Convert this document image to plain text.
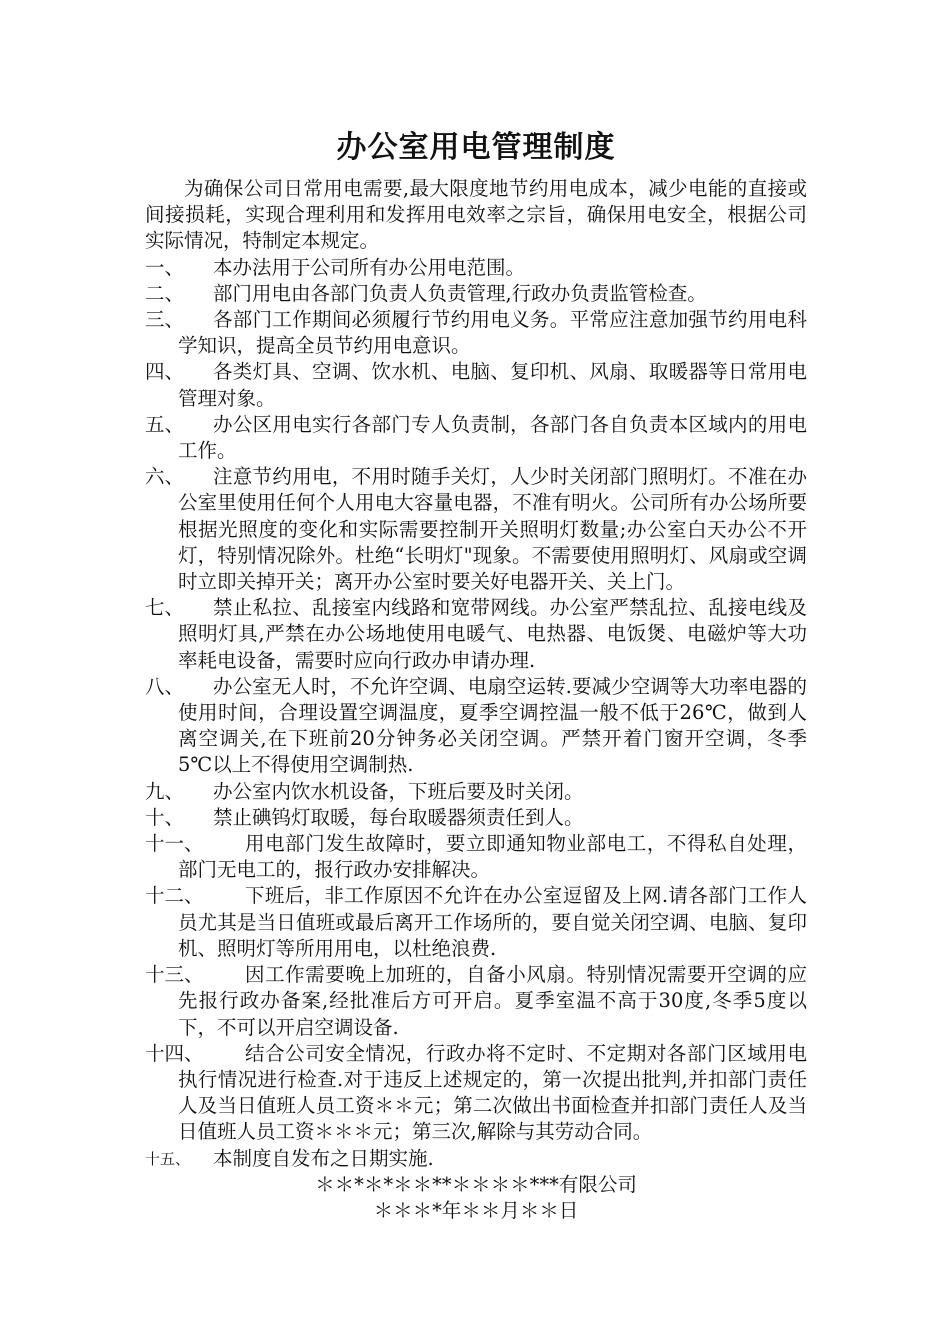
办公室用电管理制度
为确保公司日常用电需要,最大限度地节约用电成本，减少电能的直接或间接损耗，实现合理利用和发挥用电效率之宗旨，确保用电安全，根据公司实际情况，特制定本规定。
一、	本办法用于公司所有办公用电范围。
二、	部门用电由各部门负责人负责管理,行政办负责监管检查。
三、	各部门工作期间必须履行节约用电义务。平常应注意加强节约用电科学知识，提高全员节约用电意识。
四、	各类灯具、空调、饮水机、电脑、复印机、风扇、取暖器等日常用电管理对象。
五、	办公区用电实行各部门专人负责制，各部门各自负责本区域内的用电工作。
六、	注意节约用电，不用时随手关灯，人少时关闭部门照明灯。不准在办公室里使用任何个人用电大容量电器，不准有明火。公司所有办公场所要根据光照度的变化和实际需要控制开关照明灯数量;办公室白天办公不开灯，特别情况除外。杜绝“长明灯"现象。不需要使用照明灯、风扇或空调时立即关掉开关；离开办公室时要关好电器开关、关上门。
七、	禁止私拉、乱接室内线路和宽带网线。办公室严禁乱拉、乱接电线及照明灯具,严禁在办公场地使用电暖气、电热器、电饭煲、电磁炉等大功率耗电设备，需要时应向行政办申请办理.
八、	办公室无人时，不允许空调、电扇空运转.要减少空调等大功率电器的使用时间，合理设置空调温度，夏季空调控温一般不低于26℃，做到人离空调关,在下班前20分钟务必关闭空调。严禁开着门窗开空调，冬季5℃以上不得使用空调制热.
九、	办公室内饮水机设备，下班后要及时关闭。
十、	禁止碘钨灯取暖，每台取暖器须责任到人。
十一、	用电部门发生故障时，要立即通知物业部电工，不得私自处理，部门无电工的，报行政办安排解决。
十二、	下班后，非工作原因不允许在办公室逗留及上网.请各部门工作人员尤其是当日值班或最后离开工作场所的，要自觉关闭空调、电脑、复印机、照明灯等所用用电，以杜绝浪费.
十三、	因工作需要晚上加班的，自备小风扇。特别情况需要开空调的应先报行政办备案,经批准后方可开启。夏季室温不高于30度,冬季5度以下，不可以开启空调设备.
十四、	结合公司安全情况，行政办将不定时、不定期对各部门区域用电执行情况进行检查.对于违反上述规定的，第一次提出批判,并扣部门责任人及当日值班人员工资＊＊元；第二次做出书面检查并扣部门责任人及当日值班人员工资＊＊＊元；第三次,解除与其劳动合同。
十五、	本制度自发布之日期实施.
＊＊*＊*＊＊**＊＊＊＊***有限公司
＊＊＊*年＊＊月＊＊日
